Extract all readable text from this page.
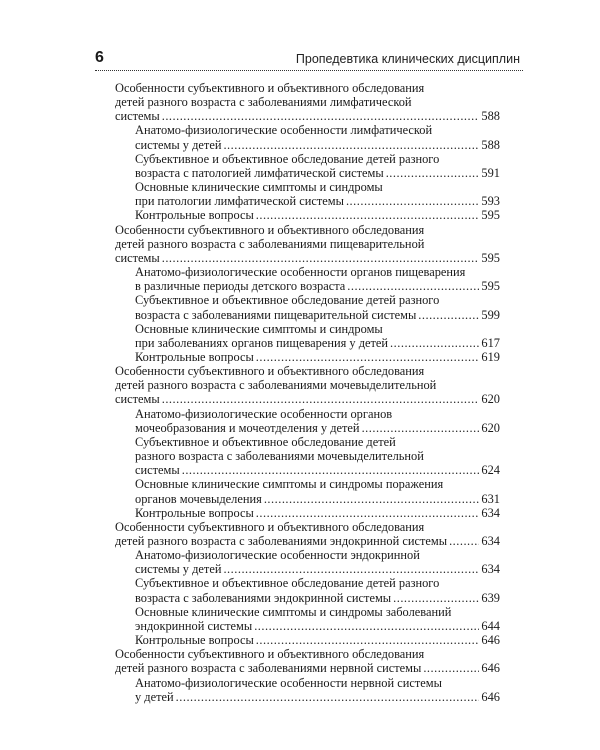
6	Пропедевтика клинических дисциплин
Особенности субъективного и объективного обследования
детей разного возраста с заболеваниями лимфатической
системы .....	588
Анатомо-физиологические особенности лимфатической
системы у детей .....	588
Субъективное и объективное обследование детей разного
возраста с патологией лимфатической системы .....	591
Основные клинические симптомы и синдромы
при патологии лимфатической системы .....	593
Контрольные вопросы .....	595
Особенности субъективного и объективного обследования
детей разного возраста с заболеваниями пищеварительной
системы .....	595
Анатомо-физиологические особенности органов пищеварения
в различные периоды детского возраста .....	595
Субъективное и объективное обследование детей разного
возраста с заболеваниями пищеварительной системы .....	599
Основные клинические симптомы и синдромы
при заболеваниях органов пищеварения у детей .....	617
Контрольные вопросы .....	619
Особенности субъективного и объективного обследования
детей разного возраста с заболеваниями мочевыделительной
системы .....	620
Анатомо-физиологические особенности органов
мочеобразования и мочеотделения у детей .....	620
Субъективное и объективное обследование детей
разного возраста с заболеваниями мочевыделительной
системы .....	624
Основные клинические симптомы и синдромы поражения
органов мочевыделения .....	631
Контрольные вопросы .....	634
Особенности субъективного и объективного обследования
детей разного возраста с заболеваниями эндокринной системы .....	634
Анатомо-физиологические особенности эндокринной
системы у детей .....	634
Субъективное и объективное обследование детей разного
возраста с заболеваниями эндокринной системы .....	639
Основные клинические симптомы и синдромы заболеваний
эндокринной системы .....	644
Контрольные вопросы .....	646
Особенности субъективного и объективного обследования
детей разного возраста с заболеваниями нервной системы .....	646
Анатомо-физиологические особенности нервной системы
у детей .....	646
